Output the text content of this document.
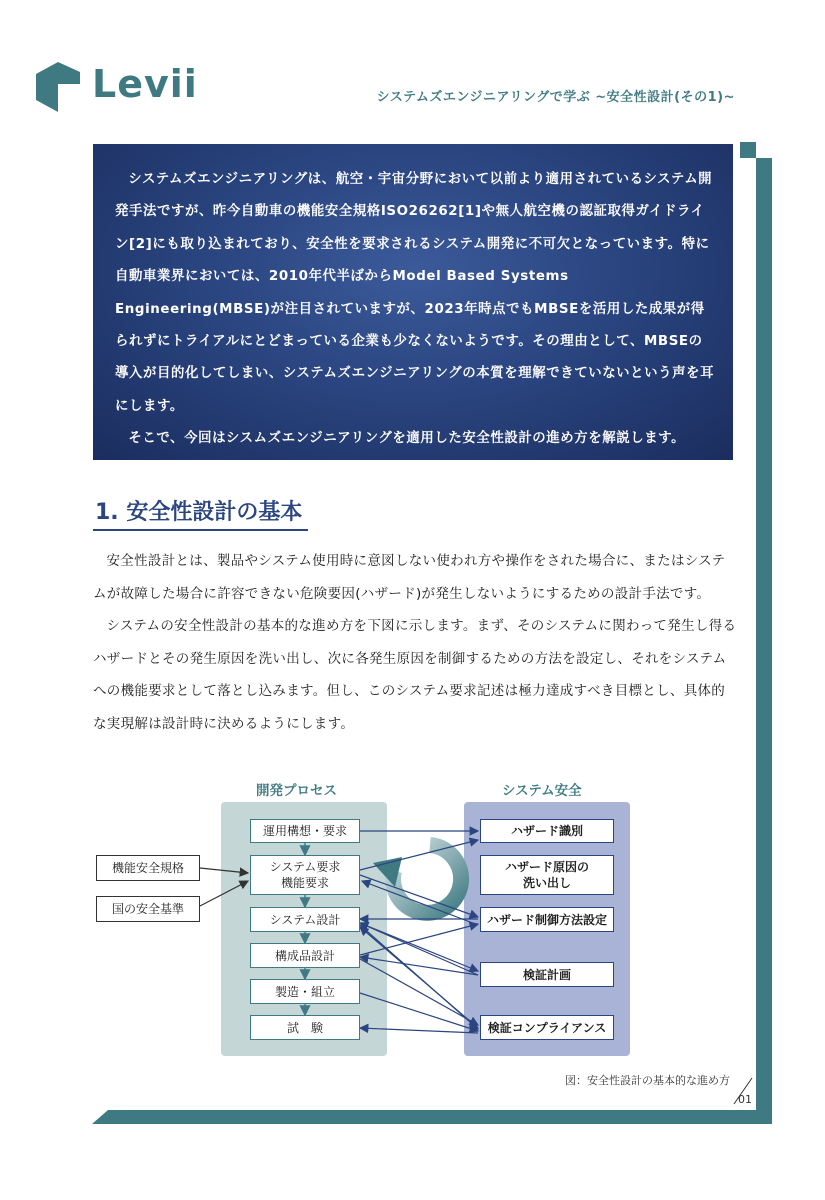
Levii	システムズエンジニアリングで学ぶ ~安全性設計(その1)~

システムズエンジニアリングは、航空・宇宙分野において以前より適用されているシステム開発手法ですが、昨今自動車の機能安全規格ISO26262[1]や無人航空機の認証取得ガイドライン[2]にも取り込まれており、安全性を要求されるシステム開発に不可欠となっています。特に自動車業界においては、2010年代半ばからModel Based Systems Engineering(MBSE)が注目されていますが、2023年時点でもMBSEを活用した成果が得られずにトライアルにとどまっている企業も少なくないようです。その理由として、MBSEの導入が目的化してしまい、システムズエンジニアリングの本質を理解できていないという声を耳にします。

そこで、今回はシスムズエンジニアリングを適用した安全性設計の進め方を解説します。

1. 安全性設計の基本

安全性設計とは、製品やシステム使用時に意図しない使われ方や操作をされた場合に、またはシステムが故障した場合に許容できない危険要因(ハザード)が発生しないようにするための設計手法です。

システムの安全性設計の基本的な進め方を下図に示します。まず、そのシステムに関わって発生し得るハザードとその発生原因を洗い出し、次に各発生原因を制御するための方法を設定し、それをシステムへの機能要求として落とし込みます。但し、このシステム要求記述は極力達成すべき目標とし、具体的な実現解は設計時に決めるようにします。

開発プロセス	システム安全
運用構想・要求
システム要求
機能要求
システム設計
構成品設計
製造・組立
試　験
ハザード識別
ハザード原因の
洗い出し
ハザード制御方法設定
検証計画
検証コンプライアンス
機能安全規格
国の安全基準
図：安全性設計の基本的な進め方
01
